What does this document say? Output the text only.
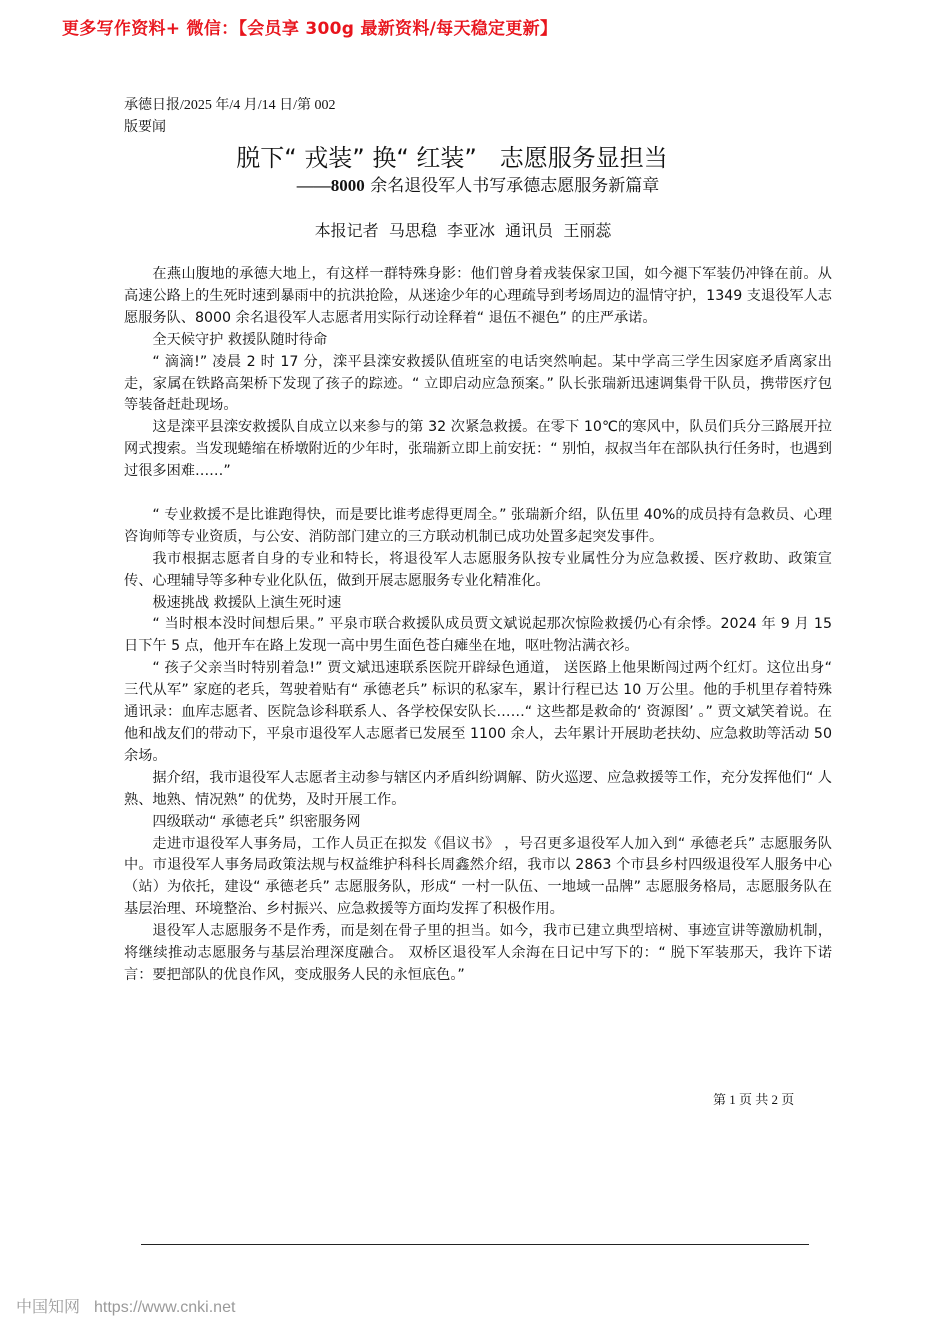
更多写作资料+ 微信：【会员享 300g 最新资料/每天稳定更新】
承德日报/2025 年/4 月/14 日/第 002
版要闻
脱下“ 戎装” 换“ 红装”   志愿服务显担当
——8000 余名退役军人书写承德志愿服务新篇章
本报记者  马思稳  李亚冰  通讯员  王丽蕊

在燕山腹地的承德大地上，有这样一群特殊身影：他们曾身着戎装保家卫国，如今褪下军装仍冲锋在前。从高速公路上的生死时速到暴雨中的抗洪抢险，从迷途少年的心理疏导到考场周边的温情守护，1349 支退役军人志愿服务队、8000 余名退役军人志愿者用实际行动诠释着“ 退伍不褪色” 的庄严承诺。

全天候守护 救援队随时待命

“ 滴滴!” 凌晨 2 时 17 分，滦平县滦安救援队值班室的电话突然响起。某中学高三学生因家庭矛盾离家出走，家属在铁路高架桥下发现了孩子的踪迹。“ 立即启动应急预案。” 队长张瑞新迅速调集骨干队员，携带医疗包等装备赶赴现场。

这是滦平县滦安救援队自成立以来参与的第 32 次紧急救援。在零下 10℃的寒风中，队员们兵分三路展开拉网式搜索。当发现蜷缩在桥墩附近的少年时，张瑞新立即上前安抚：“ 别怕，叔叔当年在部队执行任务时，也遇到过很多困难……”

“ 专业救援不是比谁跑得快，而是要比谁考虑得更周全。” 张瑞新介绍，队伍里 40%的成员持有急救员、心理咨询师等专业资质，与公安、消防部门建立的三方联动机制已成功处置多起突发事件。

我市根据志愿者自身的专业和特长，将退役军人志愿服务队按专业属性分为应急救援、医疗救助、政策宣传、心理辅导等多种专业化队伍，做到开展志愿服务专业化精准化。

极速挑战 救援队上演生死时速

“ 当时根本没时间想后果。” 平泉市联合救援队成员贾文斌说起那次惊险救援仍心有余悸。2024 年 9 月 15 日下午 5 点，他开车在路上发现一高中男生面色苍白瘫坐在地，呕吐物沾满衣衫。

“ 孩子父亲当时特别着急!” 贾文斌迅速联系医院开辟绿色通道， 送医路上他果断闯过两个红灯。这位出身“ 三代从军” 家庭的老兵，驾驶着贴有“ 承德老兵” 标识的私家车，累计行程已达 10 万公里。他的手机里存着特殊通讯录：血库志愿者、医院急诊科联系人、各学校保安队长……“ 这些都是救命的‘ 资源图’ 。” 贾文斌笑着说。在他和战友们的带动下，平泉市退役军人志愿者已发展至 1100 余人，去年累计开展助老扶幼、应急救助等活动 50 余场。

据介绍，我市退役军人志愿者主动参与辖区内矛盾纠纷调解、防火巡逻、应急救援等工作，充分发挥他们“ 人熟、地熟、情况熟” 的优势，及时开展工作。

四级联动“ 承德老兵” 织密服务网

走进市退役军人事务局，工作人员正在拟发《倡议书》 ，号召更多退役军人加入到“ 承德老兵” 志愿服务队中。市退役军人事务局政策法规与权益维护科科长周鑫然介绍，我市以 2863 个市县乡村四级退役军人服务中心（站）为依托，建设“ 承德老兵” 志愿服务队，形成“ 一村一队伍、一地域一品牌” 志愿服务格局，志愿服务队在基层治理、环境整治、乡村振兴、应急救援等方面均发挥了积极作用。

退役军人志愿服务不是作秀，而是刻在骨子里的担当。如今，我市已建立典型培树、事迹宣讲等激励机制， 将继续推动志愿服务与基层治理深度融合。 双桥区退役军人余海在日记中写下的：“ 脱下军装那天，我许下诺言：要把部队的优良作风，变成服务人民的永恒底色。”

第 1 页 共 2 页
中国知网 https://www.cnki.net
